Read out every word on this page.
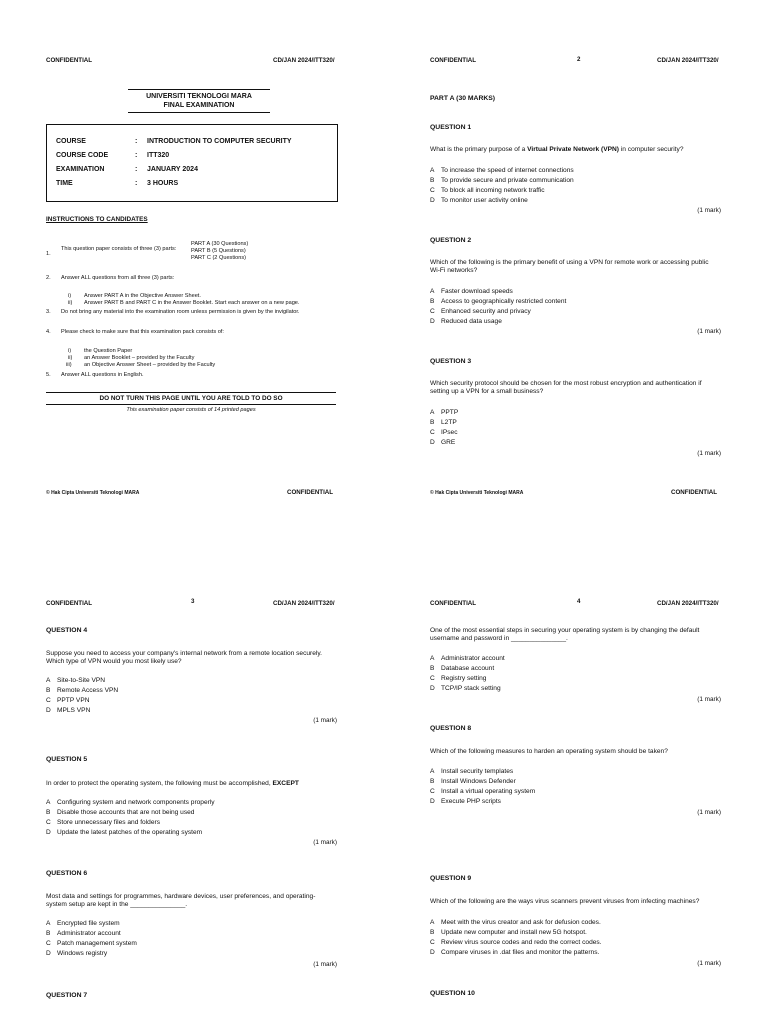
CONFIDENTIAL	CD/JAN 2024/ITT320/
UNIVERSITI TEKNOLOGI MARA
FINAL EXAMINATION
COURSE	: INTRODUCTION TO COMPUTER SECURITY
COURSE CODE	: ITT320
EXAMINATION	: JANUARY 2024
TIME	: 3 HOURS
INSTRUCTIONS TO CANDIDATES
1.
This question paper consists of three (3) parts:
PART A (30 Questions)
PART B (5 Questions)
PART C (2 Questions)
2. Answer ALL questions from all three (3) parts:
i) Answer PART A in the Objective Answer Sheet.
ii) Answer PART B and PART C in the Answer Booklet. Start each answer on a new page.
3. Do not bring any material into the examination room unless permission is given by the invigilator.
4. Please check to make sure that this examination pack consists of:
i) the Question Paper
ii) an Answer Booklet – provided by the Faculty
iii) an Objective Answer Sheet – provided by the Faculty
5. Answer ALL questions in English.
DO NOT TURN THIS PAGE UNTIL YOU ARE TOLD TO DO SO
This examination paper consists of 14 printed pages
© Hak Cipta Universiti Teknologi MARA	CONFIDENTIAL
CONFIDENTIAL	2	CD/JAN 2024/ITT320/
PART A (30 MARKS)
QUESTION 1
What is the primary purpose of a Virtual Private Network (VPN) in computer security?
A To increase the speed of internet connections
B To provide secure and private communication
C To block all incoming network traffic
D To monitor user activity online
(1 mark)
QUESTION 2
Which of the following is the primary benefit of using a VPN for remote work or accessing public Wi-Fi networks?
A Faster download speeds
B Access to geographically restricted content
C Enhanced security and privacy
D Reduced data usage
(1 mark)
QUESTION 3
Which security protocol should be chosen for the most robust encryption and authentication if setting up a VPN for a small business?
A PPTP
B L2TP
C IPsec
D GRE
(1 mark)
© Hak Cipta Universiti Teknologi MARA	CONFIDENTIAL
CONFIDENTIAL	3	CD/JAN 2024/ITT320/
QUESTION 4
Suppose you need to access your company's internal network from a remote location securely. Which type of VPN would you most likely use?
A Site-to-Site VPN
B Remote Access VPN
C PPTP VPN
D MPLS VPN
(1 mark)
QUESTION 5
In order to protect the operating system, the following must be accomplished, EXCEPT
A Configuring system and network components properly
B Disable those accounts that are not being used
C Store unnecessary files and folders
D Update the latest patches of the operating system
(1 mark)
QUESTION 6
Most data and settings for programmes, hardware devices, user preferences, and operating-system setup are kept in the _______________.
A Encrypted file system
B Administrator account
C Patch management system
D Windows registry
(1 mark)
QUESTION 7
CONFIDENTIAL	4	CD/JAN 2024/ITT320/
One of the most essential steps in securing your operating system is by changing the default username and password in _______________.
A Administrator account
B Database account
C Registry setting
D TCP/IP stack setting
(1 mark)
QUESTION 8
Which of the following measures to harden an operating system should be taken?
A Install security templates
B Install Windows Defender
C Install a virtual operating system
D Execute PHP scripts
(1 mark)
QUESTION 9
Which of the following are the ways virus scanners prevent viruses from infecting machines?
A Meet with the virus creator and ask for defusion codes.
B Update new computer and install new 5G hotspot.
C Review virus source codes and redo the correct codes.
D Compare viruses in .dat files and monitor the patterns.
(1 mark)
QUESTION 10
